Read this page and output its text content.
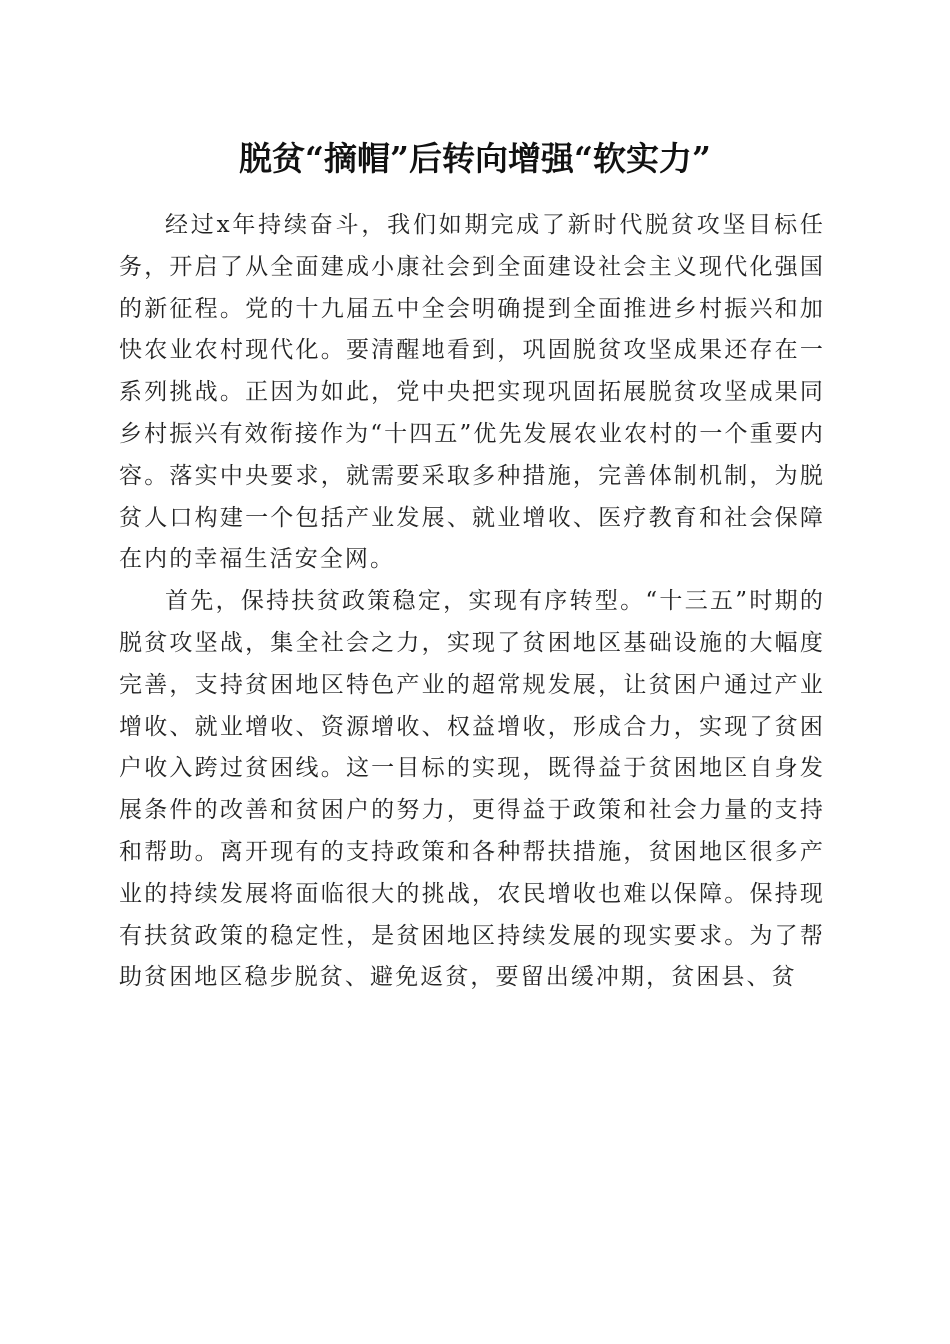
脱贫“摘帽”后转向增强“软实力”

经过x年持续奋斗，我们如期完成了新时代脱贫攻坚目标任务，开启了从全面建成小康社会到全面建设社会主义现代化强国的新征程。党的十九届五中全会明确提到全面推进乡村振兴和加快农业农村现代化。要清醒地看到，巩固脱贫攻坚成果还存在一系列挑战。正因为如此，党中央把实现巩固拓展脱贫攻坚成果同乡村振兴有效衔接作为“十四五”优先发展农业农村的一个重要内容。落实中央要求，就需要采取多种措施，完善体制机制，为脱贫人口构建一个包括产业发展、就业增收、医疗教育和社会保障在内的幸福生活安全网。

首先，保持扶贫政策稳定，实现有序转型。“十三五”时期的脱贫攻坚战，集全社会之力，实现了贫困地区基础设施的大幅度完善，支持贫困地区特色产业的超常规发展，让贫困户通过产业增收、就业增收、资源增收、权益增收，形成合力，实现了贫困户收入跨过贫困线。这一目标的实现，既得益于贫困地区自身发展条件的改善和贫困户的努力，更得益于政策和社会力量的支持和帮助。离开现有的支持政策和各种帮扶措施，贫困地区很多产业的持续发展将面临很大的挑战，农民增收也难以保障。保持现有扶贫政策的稳定性，是贫困地区持续发展的现实要求。为了帮助贫困地区稳步脱贫、避免返贫，要留出缓冲期，贫困县、贫
